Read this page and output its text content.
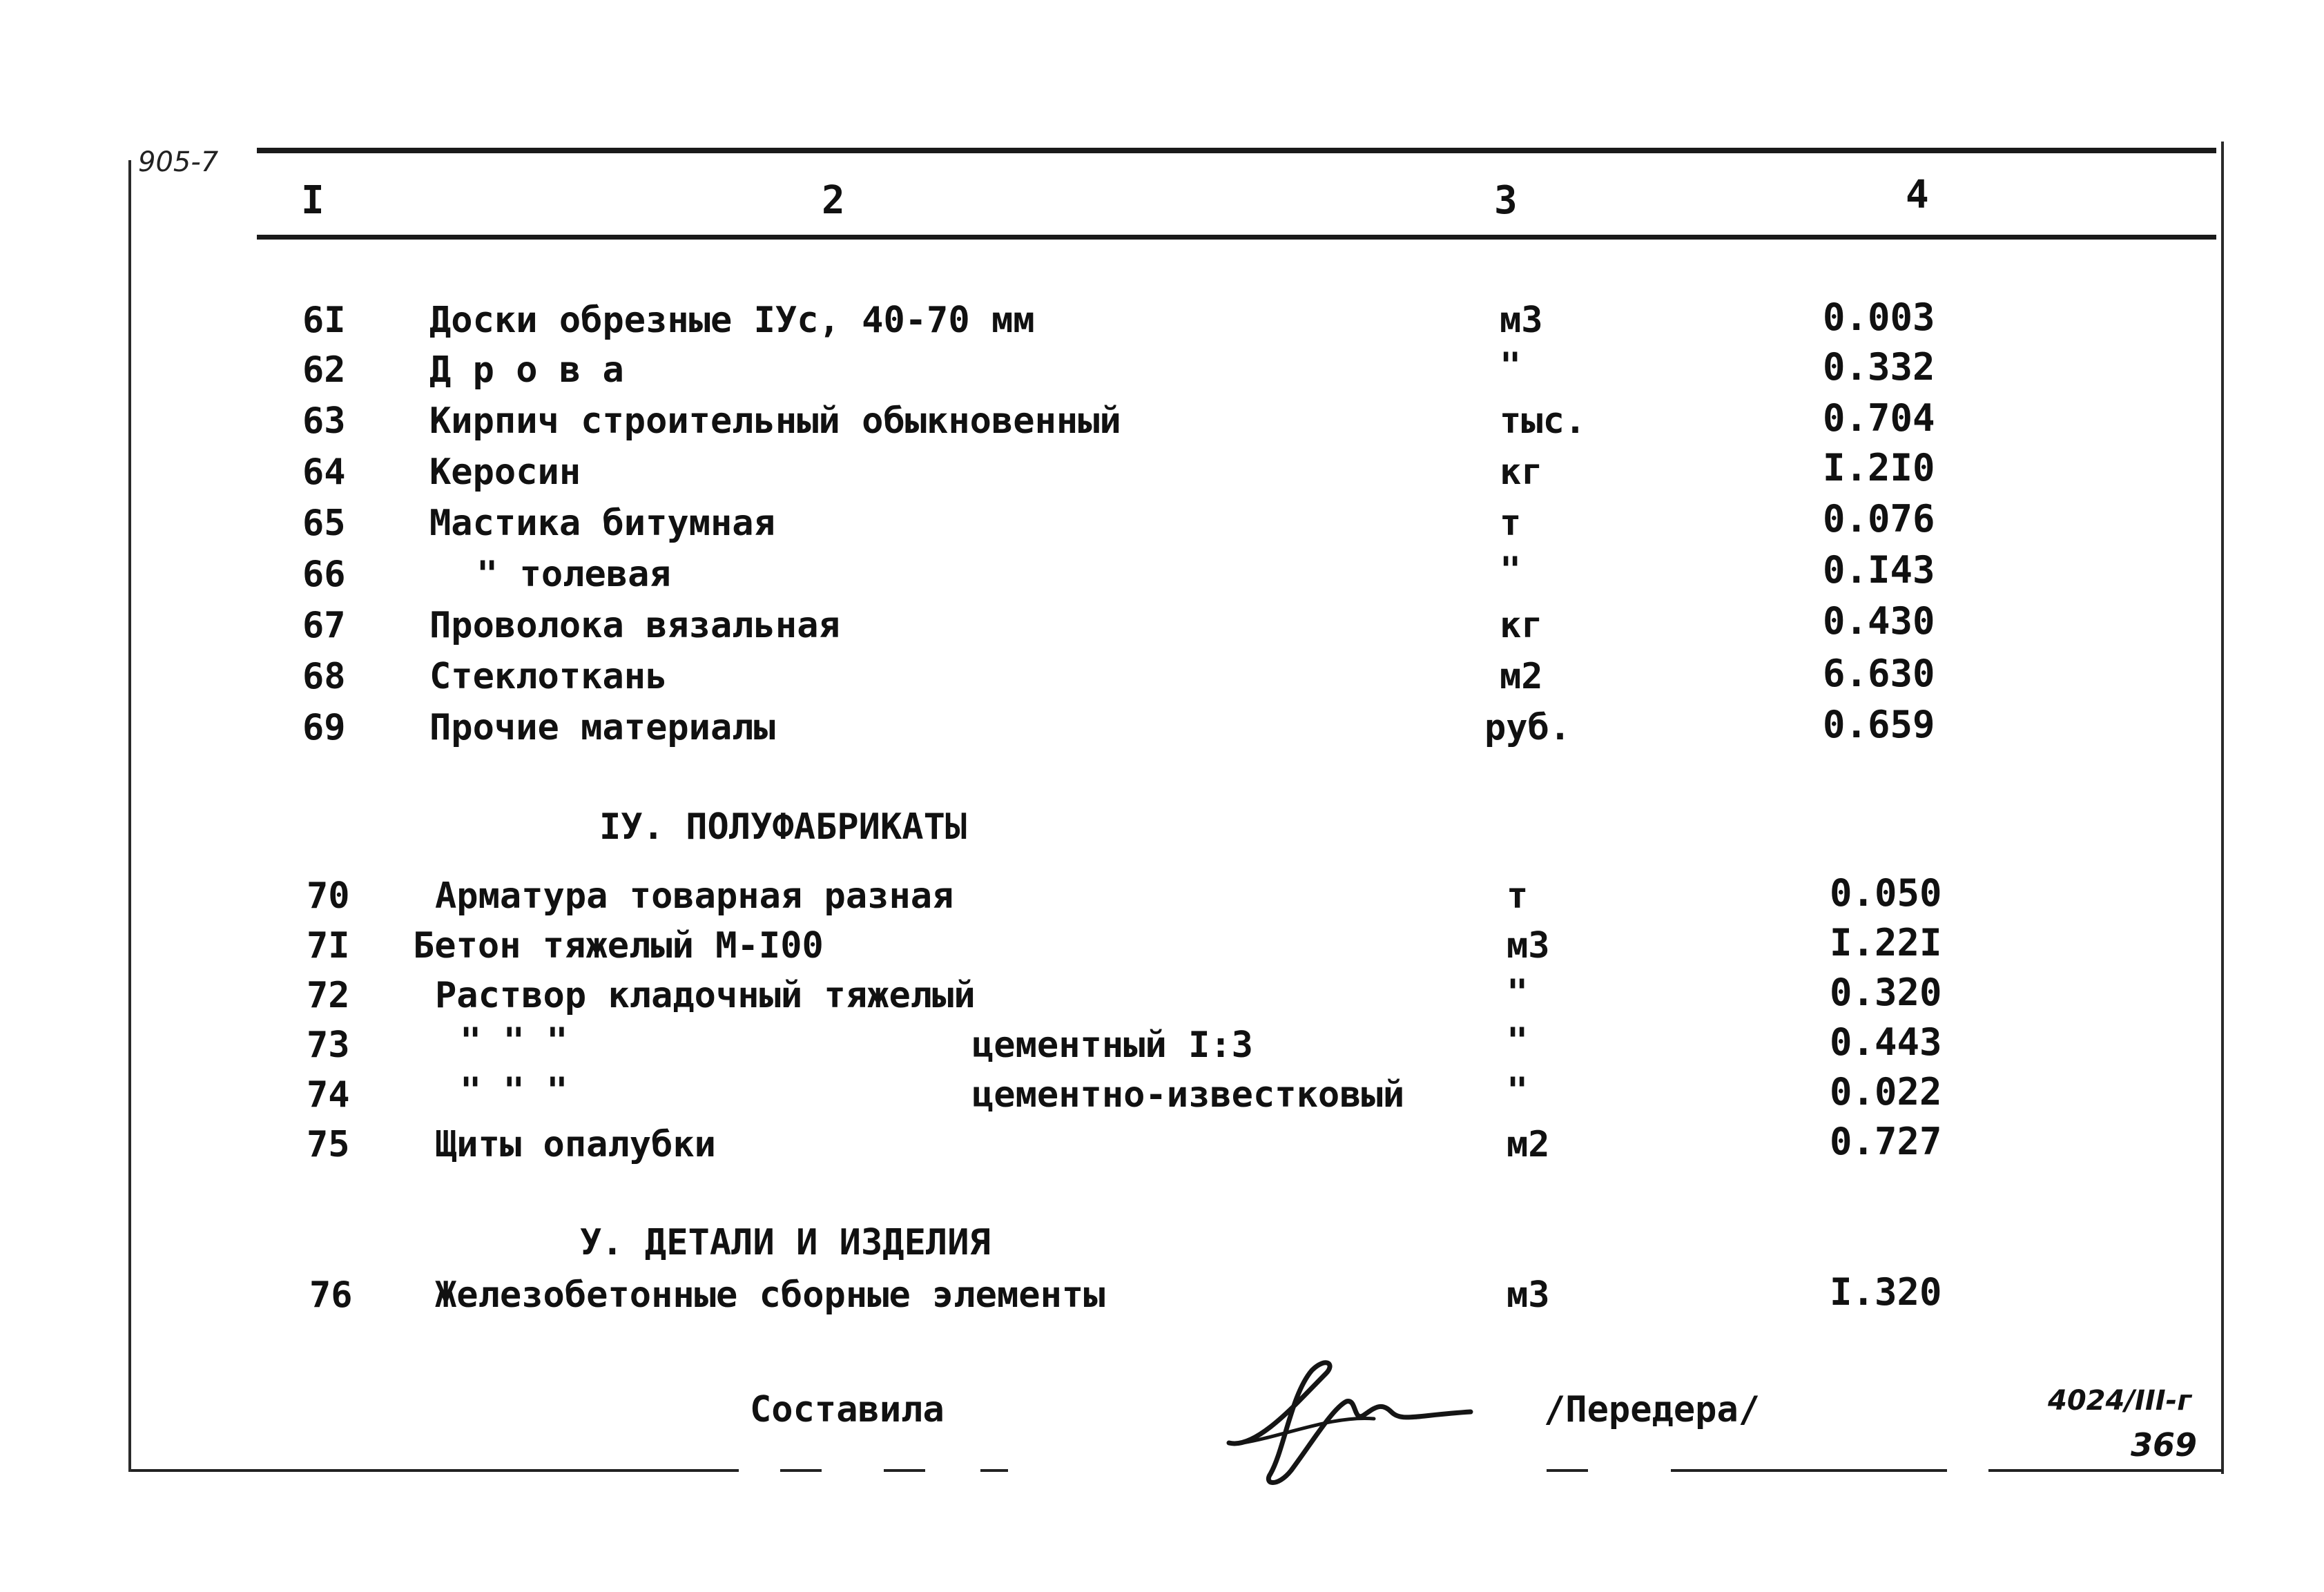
905-7
I	2	3	4
6I Доски обрезные IУс, 40-70 мм	м3	0.003
62 Д р о в а	"	0.332
63 Кирпич строительный обыкновенный	тыс.	0.704
64 Керосин	кг	I.2I0
65 Мастика битумная	т	0.076
66	" толевая	"	0.I43
67 Проволока вязальная	кг	0.430
68 Стеклоткань	м2	6.630
69 Прочие материалы	руб.	0.659
IУ. ПОЛУФАБРИКАТЫ
70 Арматура товарная разная	т	0.050
7I Бетон тяжелый М-I00	м3	I.22I
72 Раствор кладочный тяжелый	"	0.320
73	" " "	цементный I:3	"	0.443
74	" " "	цементно-известковый	"	0.022
75 Щиты опалубки	м2	0.727
У. ДЕТАЛИ И ИЗДЕЛИЯ
76 Железобетонные сборные элементы	м3	I.320
Составила	/Передера/	4024/III-г
369
